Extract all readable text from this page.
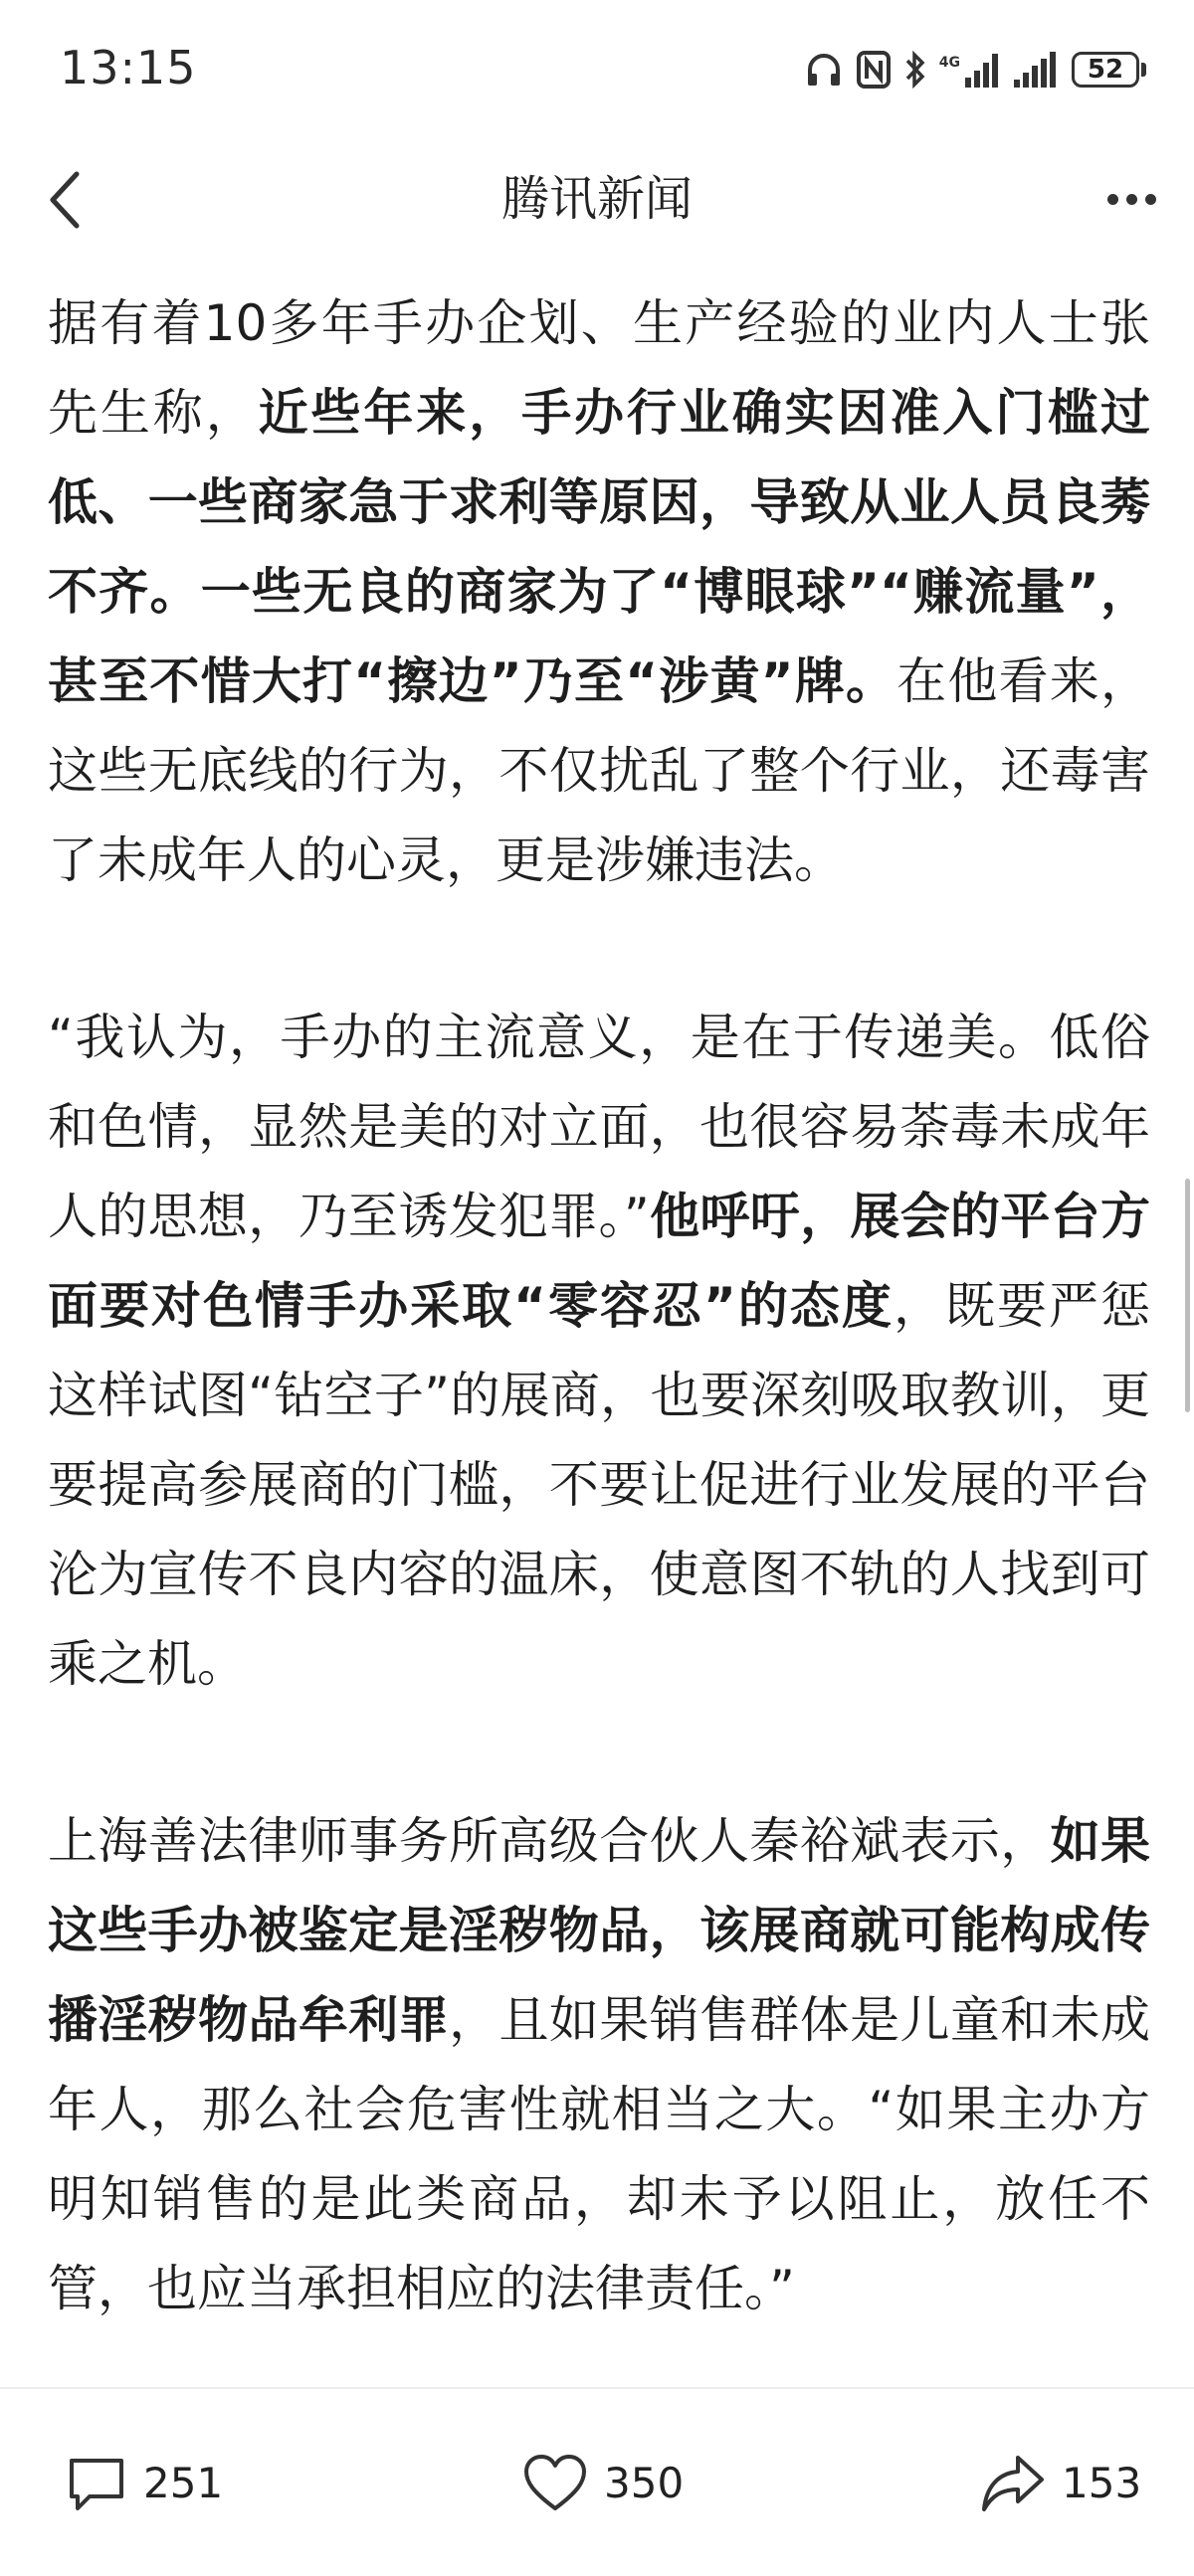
13:15	4G	52
腾讯新闻

据有着10多年手办企划、生产经验的业内人士张先生称，近些年来，手办行业确实因准入门槛过低、一些商家急于求利等原因，导致从业人员良莠不齐。一些无良的商家为了“博眼球”“赚流量”，甚至不惜大打“擦边”乃至“涉黄”牌。在他看来，这些无底线的行为，不仅扰乱了整个行业，还毒害了未成年人的心灵，更是涉嫌违法。

“我认为，手办的主流意义，是在于传递美。低俗和色情，显然是美的对立面，也很容易荼毒未成年人的思想，乃至诱发犯罪。”他呼吁，展会的平台方面要对色情手办采取“零容忍”的态度，既要严惩这样试图“钻空子”的展商，也要深刻吸取教训，更要提高参展商的门槛，不要让促进行业发展的平台沦为宣传不良内容的温床，使意图不轨的人找到可乘之机。

上海善法律师事务所高级合伙人秦裕斌表示，如果这些手办被鉴定是淫秽物品，该展商就可能构成传播淫秽物品牟利罪，且如果销售群体是儿童和未成年人，那么社会危害性就相当之大。“如果主办方明知销售的是此类商品，却未予以阻止，放任不管，也应当承担相应的法律责任。”

251	350	153
